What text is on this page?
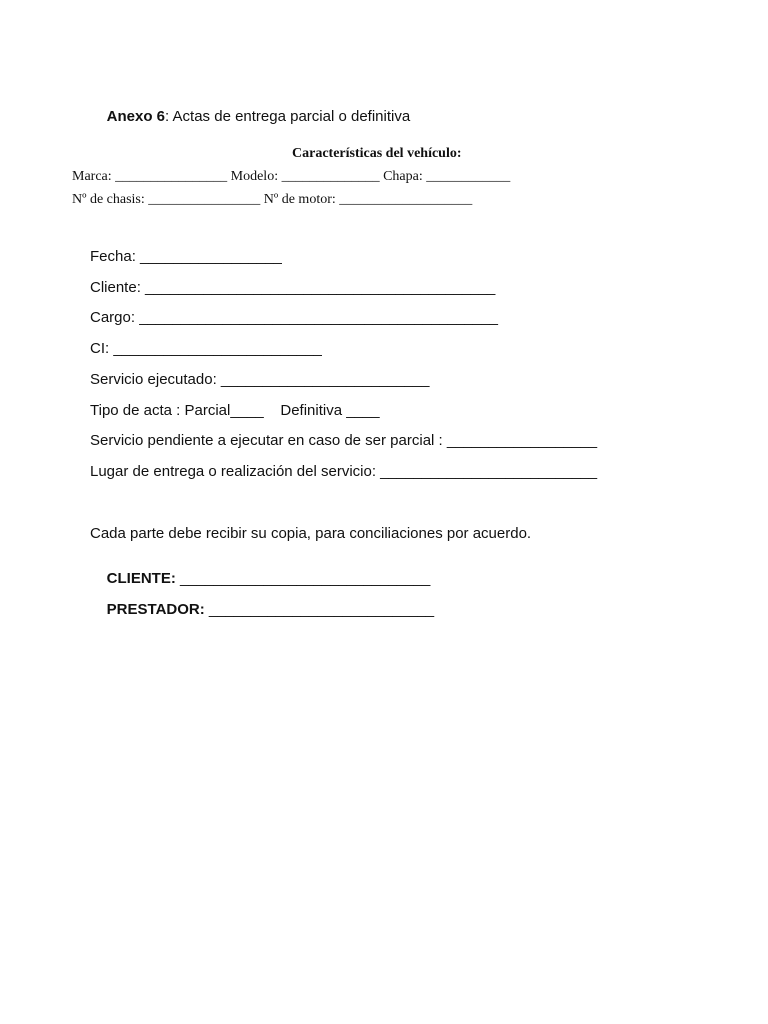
Anexo 6: Actas de entrega parcial o definitiva

Características del vehículo:
Marca: ________________ Modelo: ______________ Chapa: ____________
Nº de chasis: ________________ Nº de motor: ___________________
Fecha: _________________
Cliente: __________________________________________
Cargo: ___________________________________________
CI: _________________________
Servicio ejecutado: _________________________
Tipo de acta : Parcial____    Definitiva ____
Servicio pendiente a ejecutar en caso de ser parcial : __________________
Lugar de entrega o realización del servicio: __________________________
Cada parte debe recibir su copia, para conciliaciones por acuerdo.

CLIENTE: ______________________________

PRESTADOR: ___________________________
